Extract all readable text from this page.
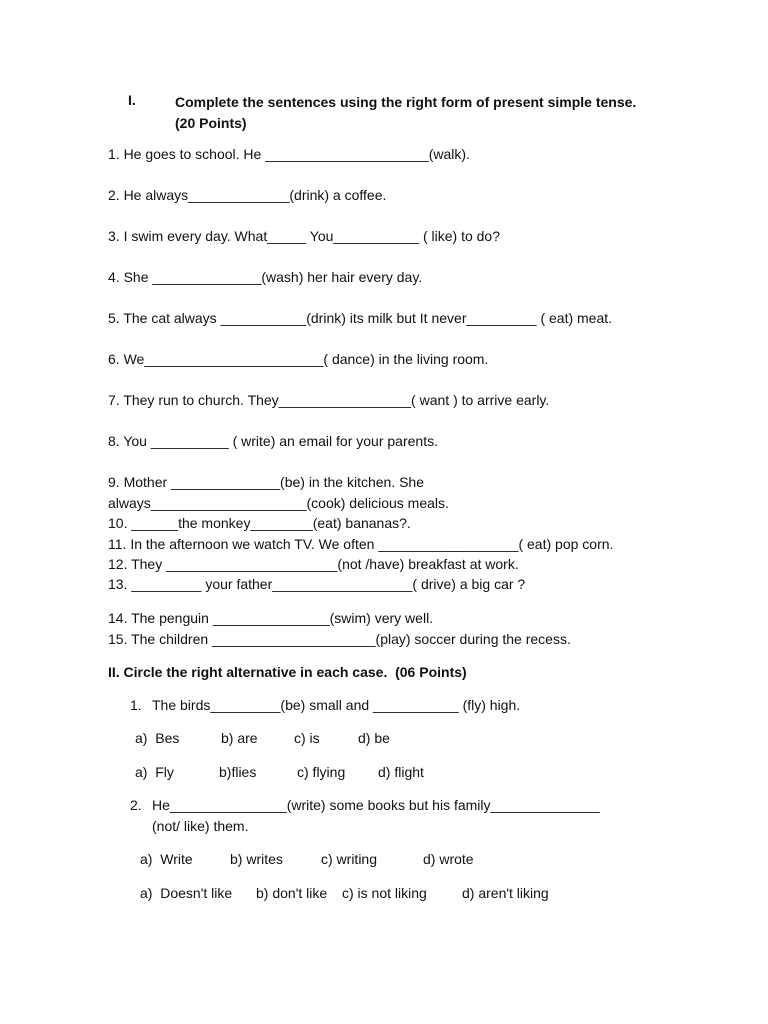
I.	Complete the sentences using the right form of present simple tense. (20 Points)
1. He goes to school. He _____________________(walk).
2. He always_____________(drink) a coffee.
3. I swim every day. What_____ You___________ ( like) to do?
4. She ______________(wash) her hair every day.
5. The cat always ___________(drink) its milk but It never_________ ( eat) meat.
6. We_______________________( dance) in the living room.
7. They run to church. They_________________( want ) to arrive early.
8. You __________ ( write) an email for your parents.
9. Mother ______________(be) in the kitchen. She
always____________________(cook) delicious meals.
10. ______the monkey________(eat) bananas?.
11. In the afternoon we watch TV. We often __________________( eat) pop corn.
12. They ______________________(not /have) breakfast at work.
13. _________ your father__________________( drive) a big car ?
14. The penguin _______________(swim) very well.
15. The children _____________________(play) soccer during the recess.
II. Circle the right alternative in each case.  (06 Points)
1. The birds_________(be) small and ___________ (fly) high.
a)  Bes	b) are	c) is	d) be
a)  Fly	b)flies	c) flying d) flight
2. He_______________(write) some books but his family______________
(not/ like) them.
a)  Write	b) writes	c) writing	d) wrote
a)  Doesn't like b) don't like c) is not liking	d) aren't liking
